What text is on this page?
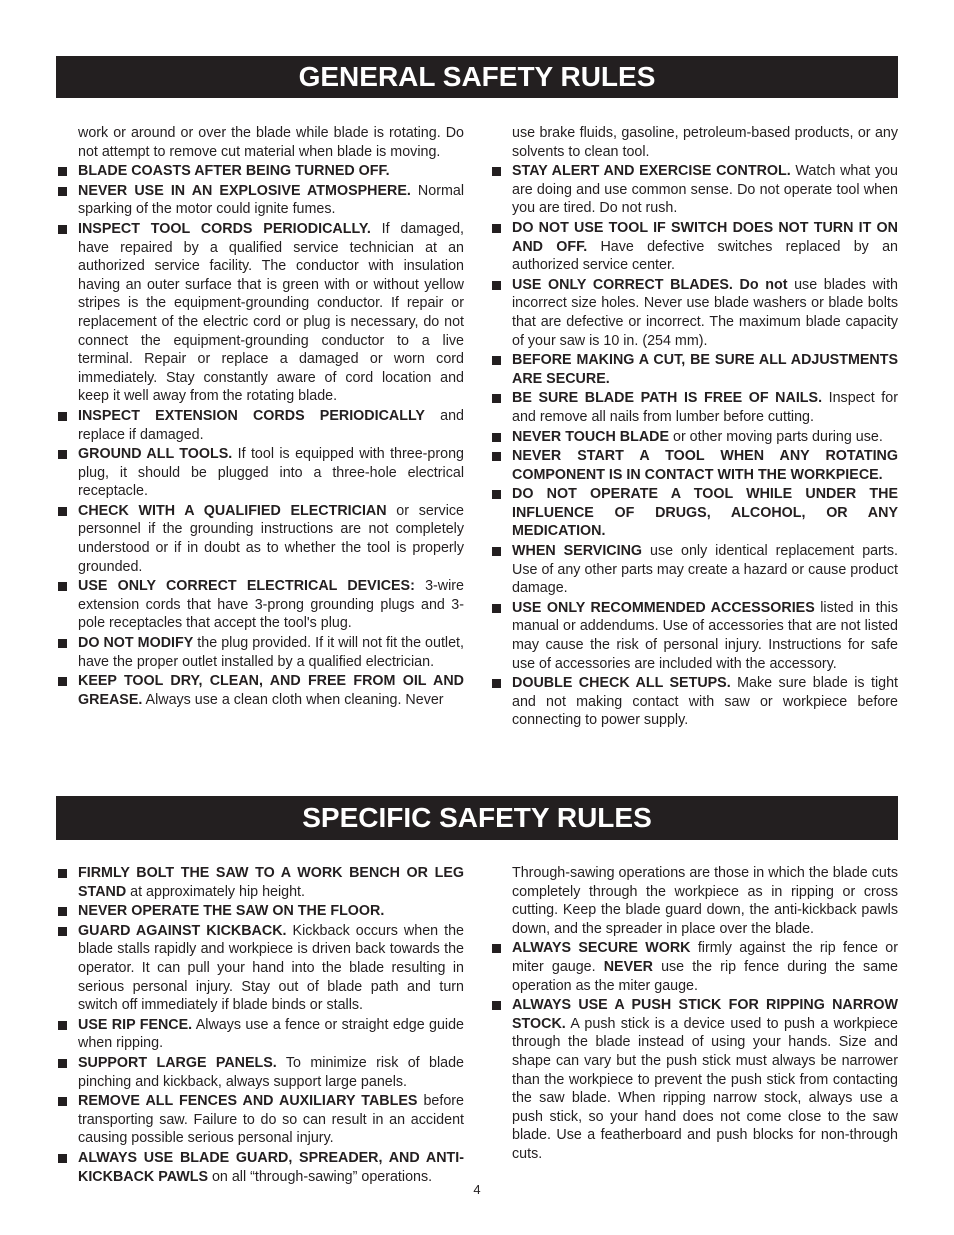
GENERAL SAFETY RULES
work or around or over the blade while blade is rotating. Do not attempt to remove cut material when blade is moving.
BLADE COASTS AFTER BEING TURNED OFF.
NEVER USE IN AN EXPLOSIVE ATMOSPHERE. Normal sparking of the motor could ignite fumes.
INSPECT TOOL CORDS PERIODICALLY. If damaged, have repaired by a qualified service technician at an authorized service facility. The conductor with insulation having an outer surface that is green with or without yellow stripes is the equipment-grounding conductor. If repair or replacement of the electric cord or plug is necessary, do not connect the equipment-grounding conductor to a live terminal. Repair or replace a damaged or worn cord immediately. Stay constantly aware of cord location and keep it well away from the rotating blade.
INSPECT EXTENSION CORDS PERIODICALLY and replace if damaged.
GROUND ALL TOOLS. If tool is equipped with three-prong plug, it should be plugged into a three-hole electrical receptacle.
CHECK WITH A QUALIFIED ELECTRICIAN or service personnel if the grounding instructions are not completely understood or if in doubt as to whether the tool is properly grounded.
USE ONLY CORRECT ELECTRICAL DEVICES: 3-wire extension cords that have 3-prong grounding plugs and 3-pole receptacles that accept the tool's plug.
DO NOT MODIFY the plug provided. If it will not fit the outlet, have the proper outlet installed by a qualified electrician.
KEEP TOOL DRY, CLEAN, AND FREE FROM OIL AND GREASE. Always use a clean cloth when cleaning. Never
use brake fluids, gasoline, petroleum-based products, or any solvents to clean tool.
STAY ALERT AND EXERCISE CONTROL. Watch what you are doing and use common sense. Do not operate tool when you are tired. Do not rush.
DO NOT USE TOOL IF SWITCH DOES NOT TURN IT ON AND OFF. Have defective switches replaced by an authorized service center.
USE ONLY CORRECT BLADES. Do not use blades with incorrect size holes. Never use blade washers or blade bolts that are defective or incorrect. The maximum blade capacity of your saw is 10 in. (254 mm).
BEFORE MAKING A CUT, BE SURE ALL ADJUSTMENTS ARE SECURE.
BE SURE BLADE PATH IS FREE OF NAILS. Inspect for and remove all nails from lumber before cutting.
NEVER TOUCH BLADE or other moving parts during use.
NEVER START A TOOL WHEN ANY ROTATING COMPONENT IS IN CONTACT WITH THE WORKPIECE.
DO NOT OPERATE A TOOL WHILE UNDER THE INFLUENCE OF DRUGS, ALCOHOL, OR ANY MEDICATION.
WHEN SERVICING use only identical replacement parts. Use of any other parts may create a hazard or cause product damage.
USE ONLY RECOMMENDED ACCESSORIES listed in this manual or addendums. Use of accessories that are not listed may cause the risk of personal injury. Instructions for safe use of accessories are included with the accessory.
DOUBLE CHECK ALL SETUPS. Make sure blade is tight and not making contact with saw or workpiece before connecting to power supply.
SPECIFIC SAFETY RULES
FIRMLY BOLT THE SAW TO A WORK BENCH OR LEG STAND at approximately hip height.
NEVER OPERATE THE SAW ON THE FLOOR.
GUARD AGAINST KICKBACK. Kickback occurs when the blade stalls rapidly and workpiece is driven back towards the operator. It can pull your hand into the blade resulting in serious personal injury. Stay out of blade path and turn switch off immediately if blade binds or stalls.
USE RIP FENCE. Always use a fence or straight edge guide when ripping.
SUPPORT LARGE PANELS. To minimize risk of blade pinching and kickback, always support large panels.
REMOVE ALL FENCES AND AUXILIARY TABLES before transporting saw. Failure to do so can result in an accident causing possible serious personal injury.
ALWAYS USE BLADE GUARD, SPREADER, AND ANTI-KICKBACK PAWLS on all “through-sawing” operations.
Through-sawing operations are those in which the blade cuts completely through the workpiece as in ripping or cross cutting. Keep the blade guard down, the anti-kickback pawls down, and the spreader in place over the blade.
ALWAYS SECURE WORK firmly against the rip fence or miter gauge. NEVER use the rip fence during the same operation as the miter gauge.
ALWAYS USE A PUSH STICK FOR RIPPING NARROW STOCK. A push stick is a device used to push a workpiece through the blade instead of using your hands. Size and shape can vary but the push stick must always be narrower than the workpiece to prevent the push stick from contacting the saw blade. When ripping narrow stock, always use a push stick, so your hand does not come close to the saw blade. Use a featherboard and push blocks for non-through cuts.
4
